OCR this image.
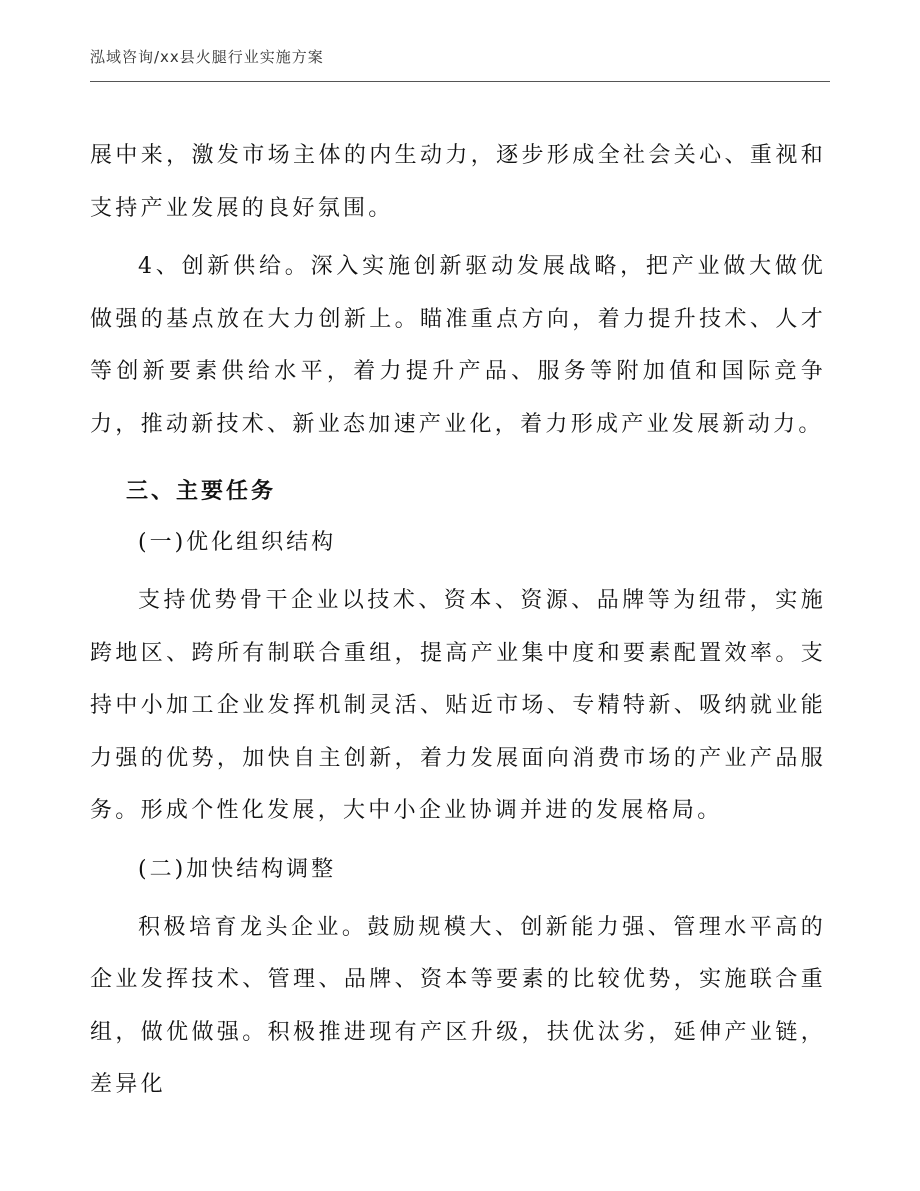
泓域咨询/xx县火腿行业实施方案

展中来，激发市场主体的内生动力，逐步形成全社会关心、重视和支持产业发展的良好氛围。

4、创新供给。深入实施创新驱动发展战略，把产业做大做优做强的基点放在大力创新上。瞄准重点方向，着力提升技术、人才等创新要素供给水平，着力提升产品、服务等附加值和国际竞争力，推动新技术、新业态加速产业化，着力形成产业发展新动力。

三、主要任务

(一)优化组织结构

支持优势骨干企业以技术、资本、资源、品牌等为纽带，实施跨地区、跨所有制联合重组，提高产业集中度和要素配置效率。支持中小加工企业发挥机制灵活、贴近市场、专精特新、吸纳就业能力强的优势，加快自主创新，着力发展面向消费市场的产业产品服务。形成个性化发展，大中小企业协调并进的发展格局。

(二)加快结构调整

积极培育龙头企业。鼓励规模大、创新能力强、管理水平高的企业发挥技术、管理、品牌、资本等要素的比较优势，实施联合重组，做优做强。积极推进现有产区升级，扶优汰劣，延伸产业链，差异化
